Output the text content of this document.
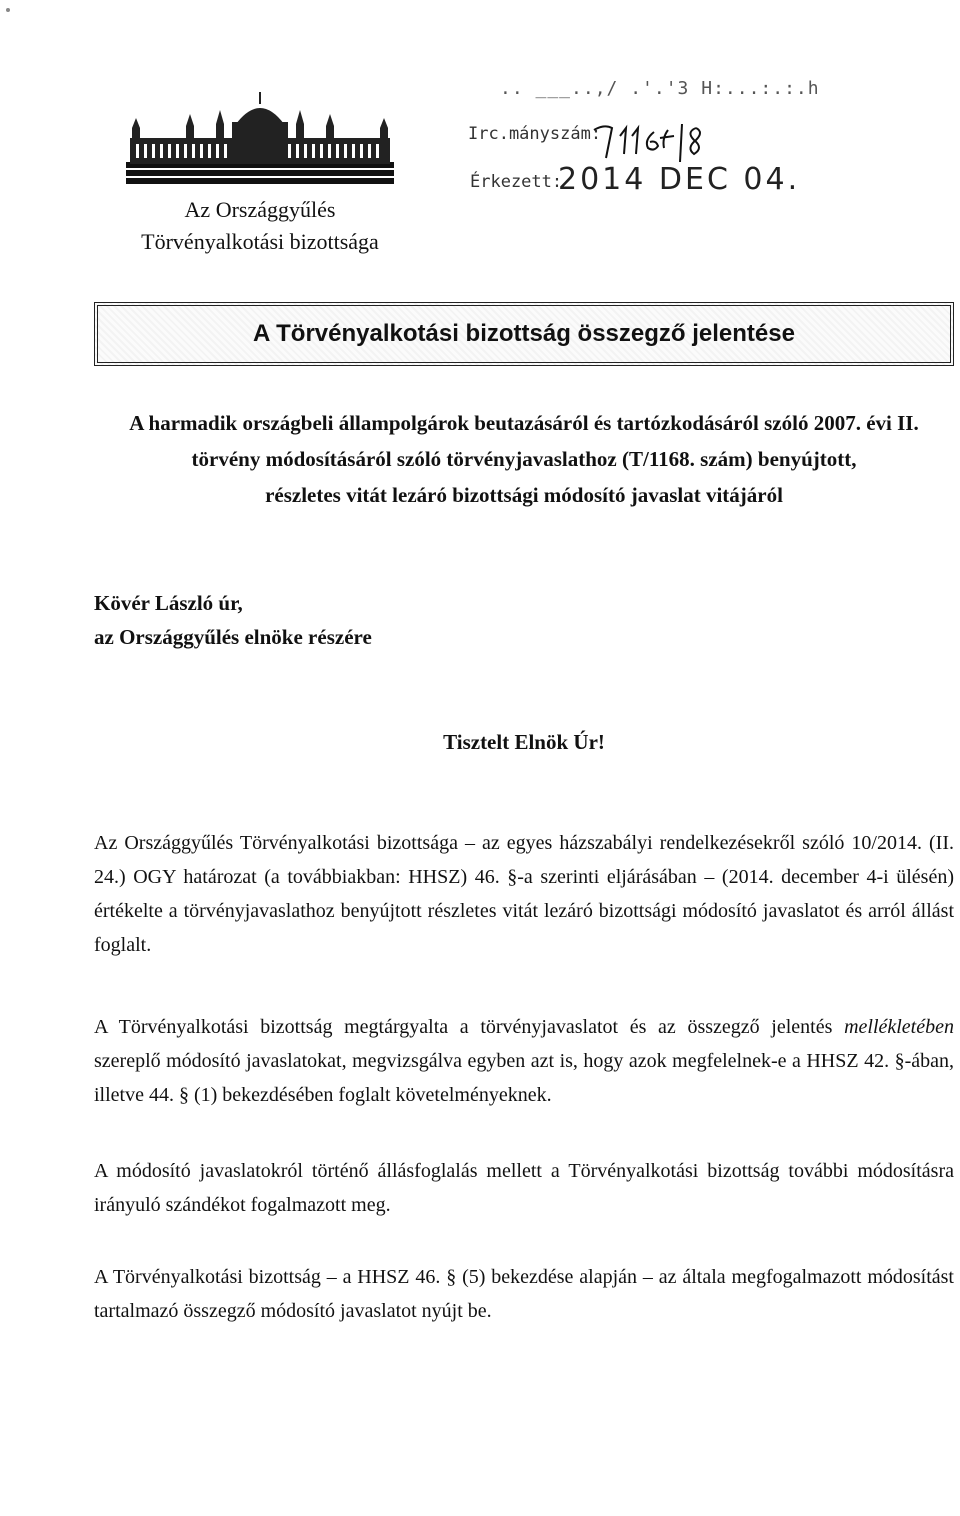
Az Országgyűlés
Törvényalkotási bizottsága
.. ___..,/ .'.'3 H:...:.:.h
Irc.mányszám:
Érkezett:
2014 DEC 04.
A Törvényalkotási bizottság összegző jelentése
A harmadik országbeli állampolgárok beutazásáról és tartózkodásáról szóló 2007. évi II.
törvény módosításáról szóló törvényjavaslathoz (T/1168. szám) benyújtott,
részletes vitát lezáró bizottsági módosító javaslat vitájáról
Kövér László úr,
az Országgyűlés elnöke részére
Tisztelt Elnök Úr!
Az Országgyűlés Törvényalkotási bizottsága – az egyes házszabályi rendelkezésekről szóló 10/2014. (II. 24.) OGY határozat (a továbbiakban: HHSZ) 46. §-a szerinti eljárásában – (2014. december 4-i ülésén) értékelte a törvényjavaslathoz benyújtott részletes vitát lezáró bizottsági módosító javaslatot és arról állást foglalt.
A Törvényalkotási bizottság megtárgyalta a törvényjavaslatot és az összegző jelentés mellékletében szereplő módosító javaslatokat, megvizsgálva egyben azt is, hogy azok megfelelnek-e a HHSZ 42. §-ában, illetve 44. § (1) bekezdésében foglalt követelményeknek.
A módosító javaslatokról történő állásfoglalás mellett a Törvényalkotási bizottság további módosításra irányuló szándékot fogalmazott meg.
A Törvényalkotási bizottság – a HHSZ 46. § (5) bekezdése alapján – az általa megfogalmazott módosítást tartalmazó összegző módosító javaslatot nyújt be.
